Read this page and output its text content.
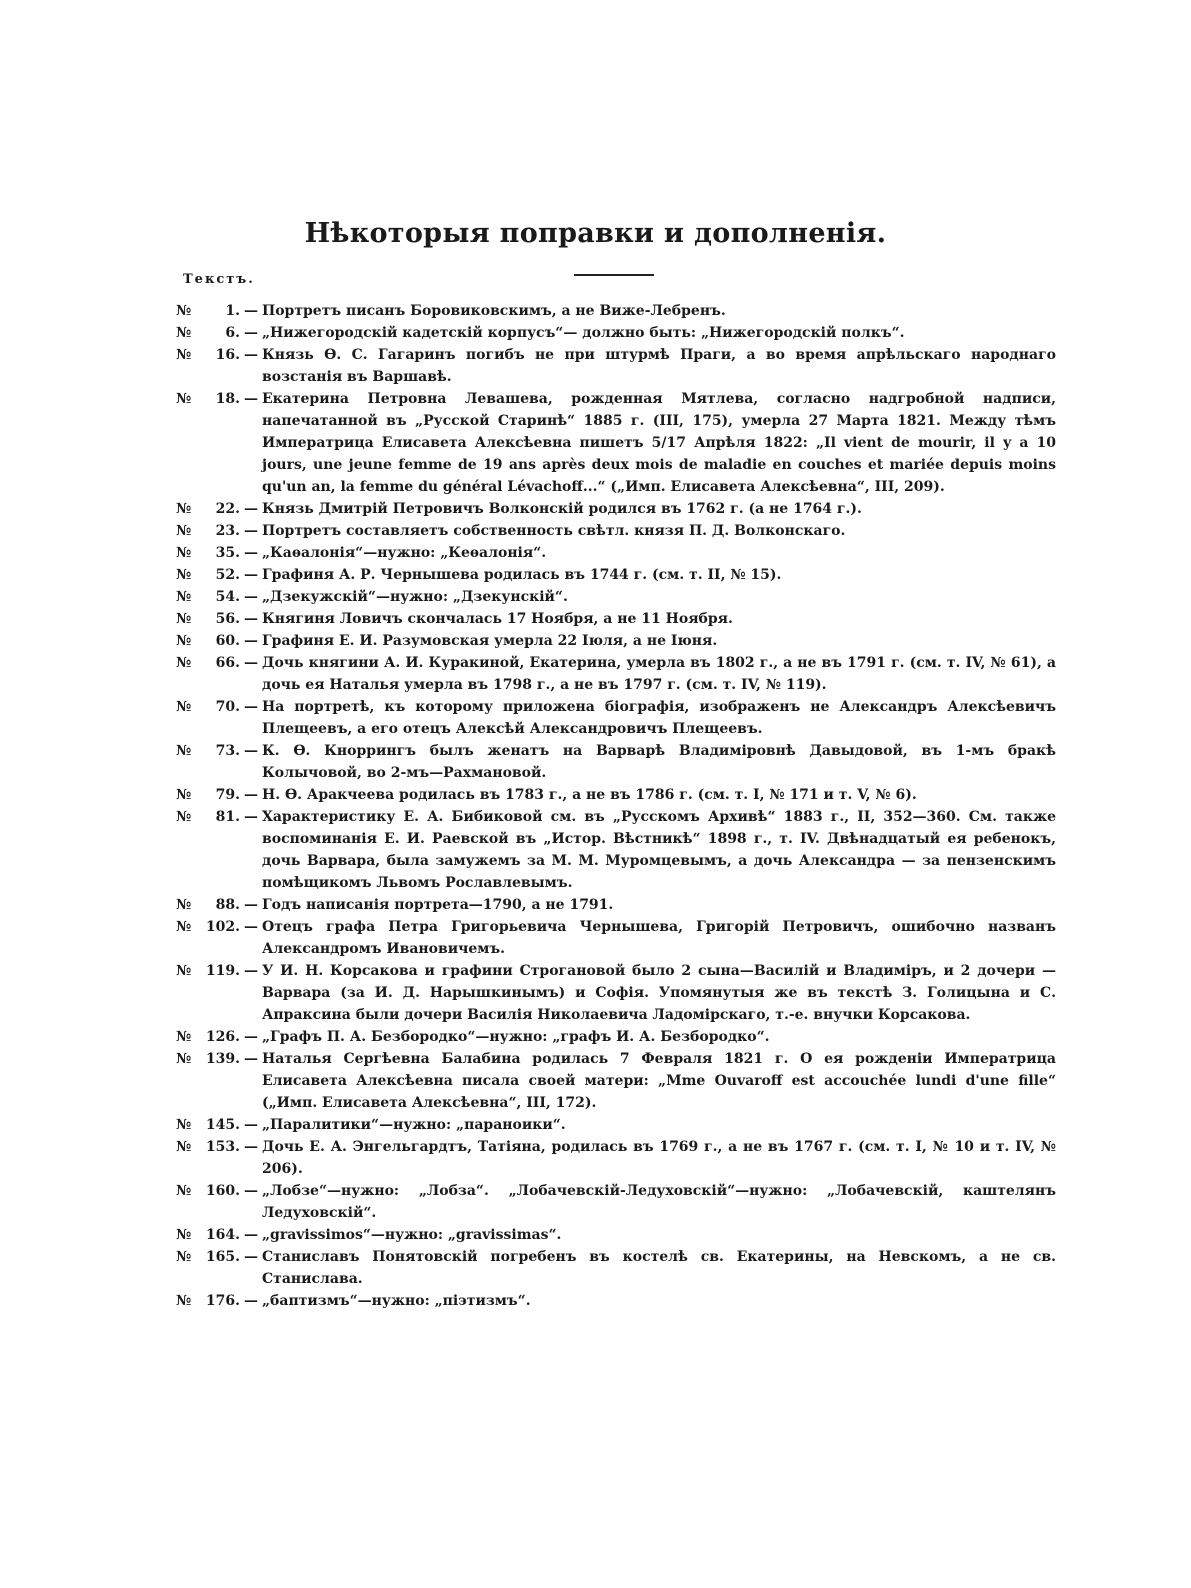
Нѣкоторыя поправки и дополненія.
Текстъ.
№	1. — Портретъ писанъ Боровиковскимъ, а не Виже-Лебренъ.
№	6. — „Нижегородскій кадетскій корпусъ“— должно быть: „Нижегородскій полкъ“.
№	16. — Князь Ѳ. С. Гагаринъ погибъ не при штурмѣ Праги, а во время апрѣльскаго народнаго возстанія въ Варшавѣ.
№	18. — Екатерина Петровна Левашева, рожденная Мятлева, согласно надгробной надписи, напечатанной въ „Русской Старинѣ“ 1885 г. (III, 175), умерла 27 Марта 1821. Между тѣмъ Императрица Елисавета Алексѣевна пишетъ 5/17 Апрѣля 1822: „Il vient de mourir, il y a 10 jours, une jeune femme de 19 ans après deux mois de maladie en couches et mariée depuis moins qu'un an, la femme du général Lévachoff...“ („Имп. Елисавета Алексѣевна“, III, 209).
№	22. — Князь Дмитрій Петровичъ Волконскій родился въ 1762 г. (а не 1764 г.).
№	23. — Портретъ составляетъ собственность свѣтл. князя П. Д. Волконскаго.
№	35. — „Каѳалонія“—нужно: „Кеѳалонія“.
№	52. — Графиня А. Р. Чернышева родилась въ 1744 г. (см. т. II, № 15).
№	54. — „Дзекужскій“—нужно: „Дзекунскій“.
№	56. — Княгиня Ловичъ скончалась 17 Ноября, а не 11 Ноября.
№	60. — Графиня Е. И. Разумовская умерла 22 Іюля, а не Іюня.
№	66. — Дочь княгини А. И. Куракиной, Екатерина, умерла въ 1802 г., а не въ 1791 г. (см. т. IV, № 61), а дочь ея Наталья умерла въ 1798 г., а не въ 1797 г. (см. т. IV, № 119).
№	70. — На портретѣ, къ которому приложена біографія, изображенъ не Александръ Алексѣевичъ Плещеевъ, а его отецъ Алексѣй Александровичъ Плещеевъ.
№	73. — К. Ѳ. Кноррингъ былъ женатъ на Варварѣ Владиміровнѣ Давыдовой, въ 1-мъ бракѣ Колычовой, во 2-мъ—Рахмановой.
№	79. — Н. Ѳ. Аракчеева родилась въ 1783 г., а не въ 1786 г. (см. т. I, № 171 и т. V, № 6).
№	81. — Характеристику Е. А. Бибиковой см. въ „Русскомъ Архивѣ“ 1883 г., II, 352—360. См. также воспоминанія Е. И. Раевской въ „Истор. Вѣстникѣ“ 1898 г., т. IV. Двѣнадцатый ея ребенокъ, дочь Варвара, была замужемъ за М. М. Муромцевымъ, а дочь Александра — за пензенскимъ помѣщикомъ Львомъ Рославлевымъ.
№	88. — Годъ написанія портрета—1790, а не 1791.
№	102. — Отецъ графа Петра Григорьевича Чернышева, Григорій Петровичъ, ошибочно названъ Александромъ Ивановичемъ.
№	119. — У И. Н. Корсакова и графини Строгановой было 2 сына—Василій и Владиміръ, и 2 дочери —Варвара (за И. Д. Нарышкинымъ) и Софія. Упомянутыя же въ текстѣ З. Голицына и С. Апраксина были дочери Василія Николаевича Ладомірскаго, т.-е. внучки Корсакова.
№	126. — „Графъ П. А. Безбородко“—нужно: „графъ И. А. Безбородко“.
№	139. — Наталья Сергѣевна Балабина родилась 7 Февраля 1821 г. О ея рожденіи Императрица Елисавета Алексѣевна писала своей матери: „Mme Ouvaroff est accouchée lundi d'une fille“ („Имп. Елисавета Алексѣевна“, III, 172).
№	145. — „Паралитики“—нужно: „параноики“.
№	153. — Дочь Е. А. Энгельгардтъ, Татіяна, родилась въ 1769 г., а не въ 1767 г. (см. т. I, № 10 и т. IV, № 206).
№	160. — „Лобзе“—нужно: „Лобза“. „Лобачевскій-Ледуховскій“—нужно: „Лобачевскій, каштелянъ Ледуховскій“.
№	164. — „gravissimos“—нужно: „gravissimas“.
№	165. — Станиславъ Понятовскій погребенъ въ костелѣ св. Екатерины, на Невскомъ, а не св. Станислава.
№	176. — „баптизмъ“—нужно: „піэтизмъ“.
